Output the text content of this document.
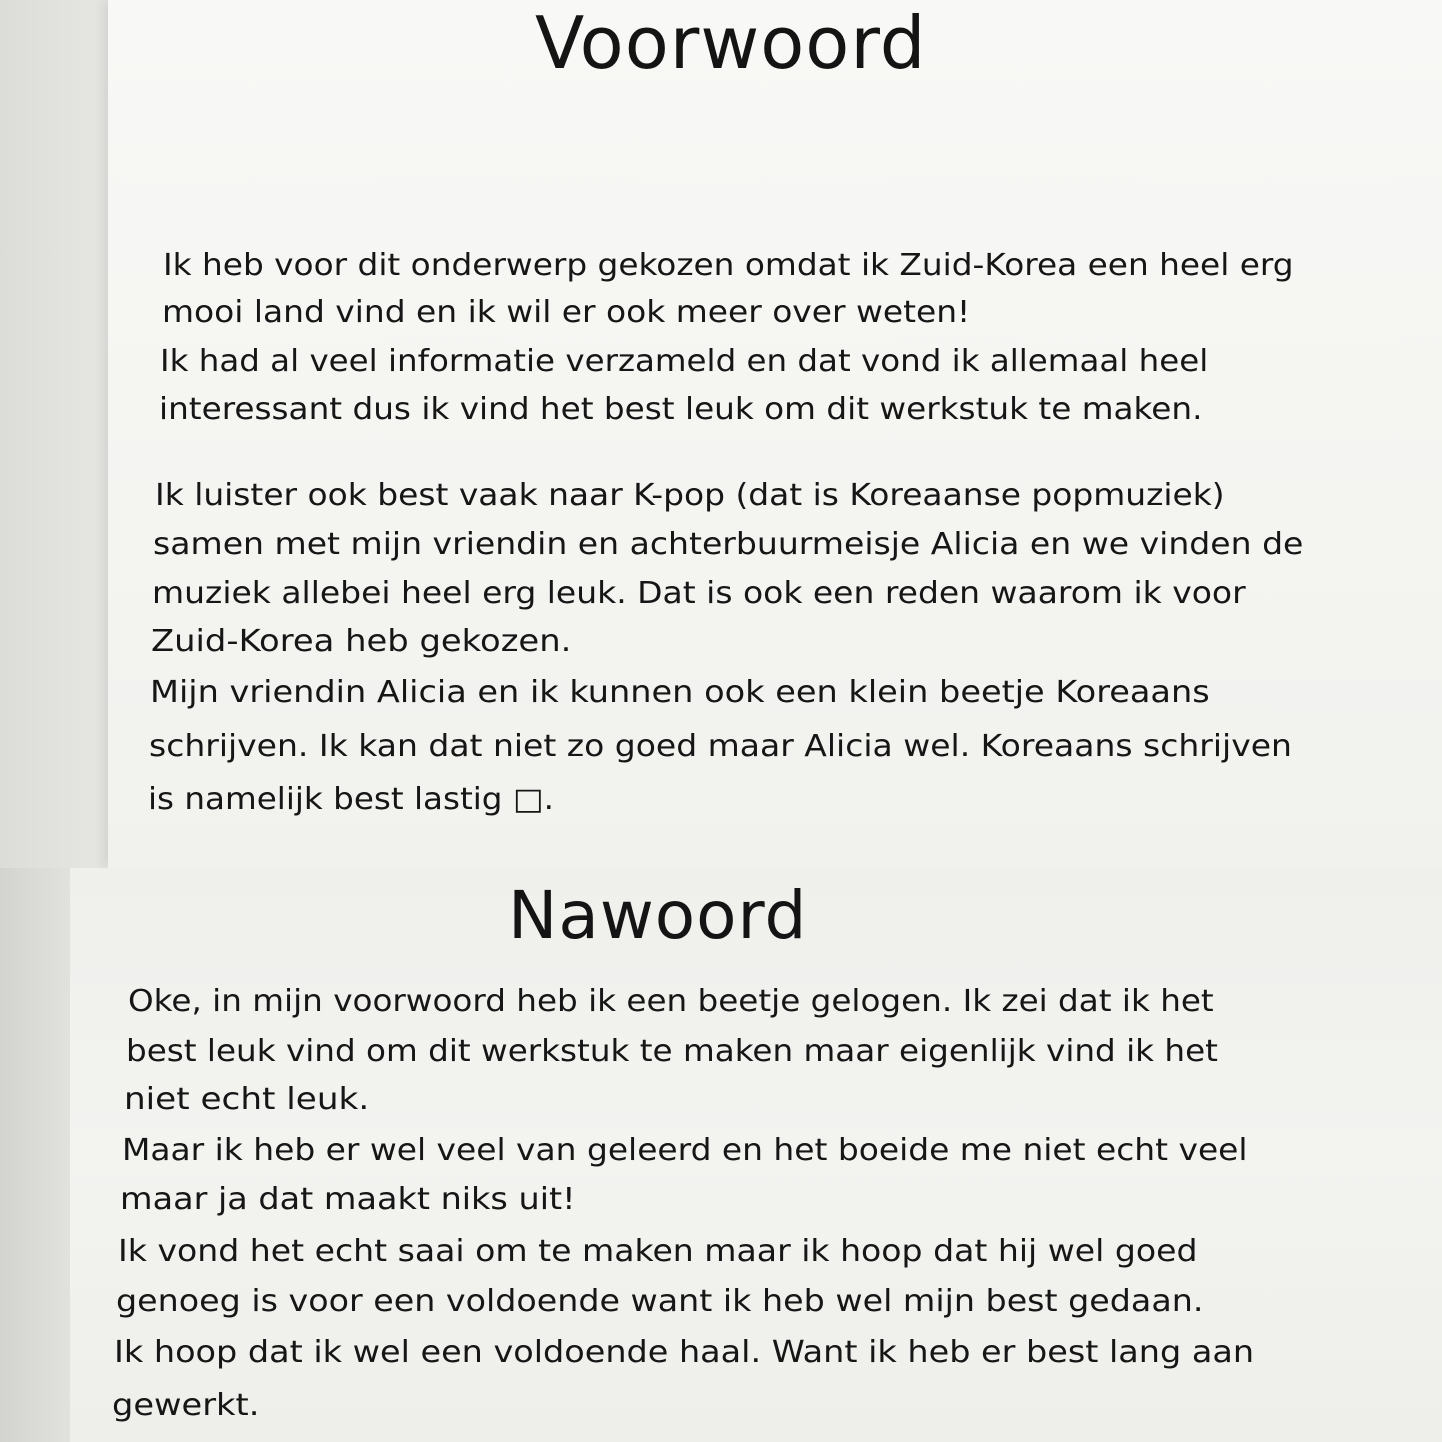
Voorwoord

Ik heb voor dit onderwerp gekozen omdat ik Zuid-Korea een heel erg

mooi land vind en ik wil er ook meer over weten!

Ik had al veel informatie verzameld en dat vond ik allemaal heel

interessant dus ik vind het best leuk om dit werkstuk te maken.

Ik luister ook best vaak naar K-pop (dat is Koreaanse popmuziek)

samen met mijn vriendin en achterbuurmeisje Alicia en we vinden de

muziek allebei heel erg leuk. Dat is ook een reden waarom ik voor

Zuid-Korea heb gekozen.

Mijn vriendin Alicia en ik kunnen ook een klein beetje Koreaans

schrijven. Ik kan dat niet zo goed maar Alicia wel. Koreaans schrijven

is namelijk best lastig □.

Nawoord

Oke, in mijn voorwoord heb ik een beetje gelogen. Ik zei dat ik het

best leuk vind om dit werkstuk te maken maar eigenlijk vind ik het

niet echt leuk.

Maar ik heb er wel veel van geleerd en het boeide me niet echt veel

maar ja dat maakt niks uit!

Ik vond het echt saai om te maken maar ik hoop dat hij wel goed

genoeg is voor een voldoende want ik heb wel mijn best gedaan.

Ik hoop dat ik wel een voldoende haal. Want ik heb er best lang aan

gewerkt.
